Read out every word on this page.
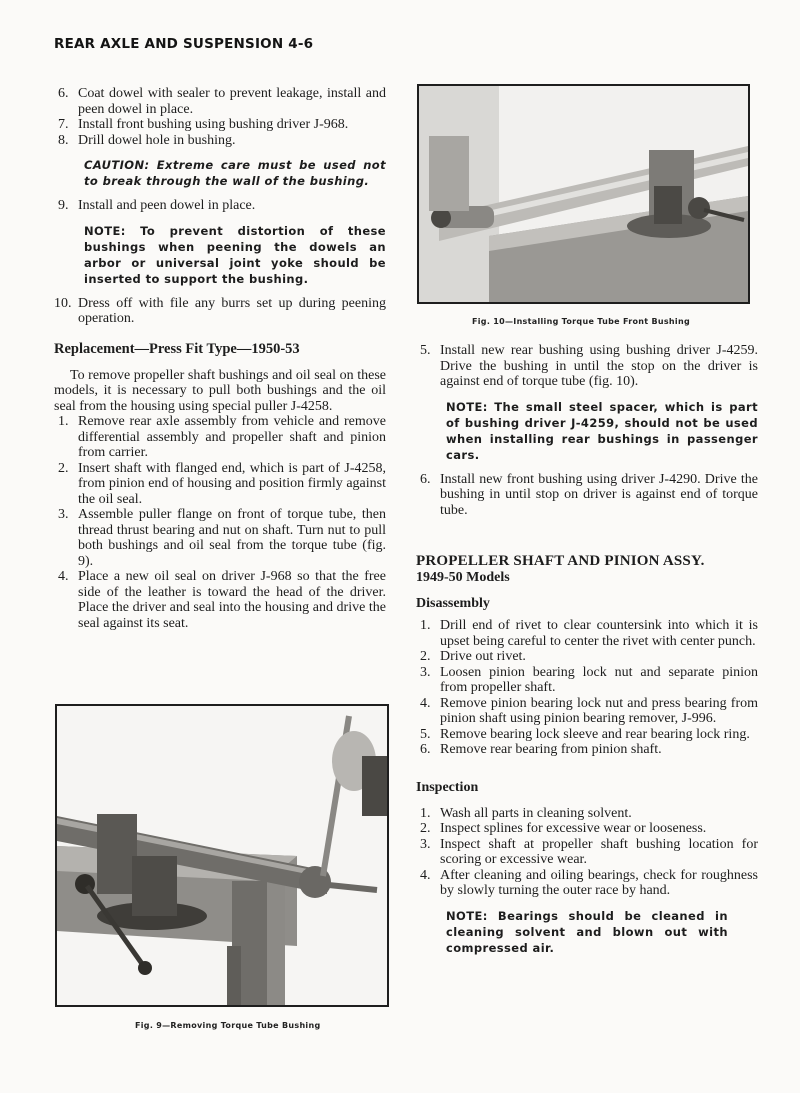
REAR AXLE AND SUSPENSION 4-6
6. Coat dowel with sealer to prevent leakage, install and peen dowel in place.
7. Install front bushing using bushing driver J-968.
8. Drill dowel hole in bushing.
CAUTION: Extreme care must be used not to break through the wall of the bushing.
9. Install and peen dowel in place.
NOTE: To prevent distortion of these bushings when peening the dowels an arbor or universal joint yoke should be inserted to support the bushing.
10. Dress off with file any burrs set up during peening operation.
Replacement—Press Fit Type—1950-53

To remove propeller shaft bushings and oil seal on these models, it is necessary to pull both bushings and the oil seal from the housing using special puller J-4258.

1. Remove rear axle assembly from vehicle and remove differential assembly and propeller shaft and pinion from carrier.
2. Insert shaft with flanged end, which is part of J-4258, from pinion end of housing and position firmly against the oil seal.
3. Assemble puller flange on front of torque tube, then thread thrust bearing and nut on shaft. Turn nut to pull both bushings and oil seal from the torque tube (fig. 9).
4. Place a new oil seal on driver J-968 so that the free side of the leather is toward the head of the driver. Place the driver and seal into the housing and drive the seal against its seat.
Fig. 10—Installing Torque Tube Front Bushing
5. Install new rear bushing using bushing driver J-4259. Drive the bushing in until the stop on the driver is against end of torque tube (fig. 10).
NOTE: The small steel spacer, which is part of bushing driver J-4259, should not be used when installing rear bushings in passenger cars.
6. Install new front bushing using driver J-4290. Drive the bushing in until stop on driver is against end of torque tube.
PROPELLER SHAFT AND PINION ASSY.
1949-50 Models
Disassembly
1. Drill end of rivet to clear countersink into which it is upset being careful to center the rivet with center punch.
2. Drive out rivet.
3. Loosen pinion bearing lock nut and separate pinion from propeller shaft.
4. Remove pinion bearing lock nut and press bearing from pinion shaft using pinion bearing remover, J-996.
5. Remove bearing lock sleeve and rear bearing lock ring.
6. Remove rear bearing from pinion shaft.
Inspection
1. Wash all parts in cleaning solvent.
2. Inspect splines for excessive wear or looseness.
3. Inspect shaft at propeller shaft bushing location for scoring or excessive wear.
4. After cleaning and oiling bearings, check for roughness by slowly turning the outer race by hand.
NOTE: Bearings should be cleaned in cleaning solvent and blown out with compressed air.
Fig. 9—Removing Torque Tube Bushing
